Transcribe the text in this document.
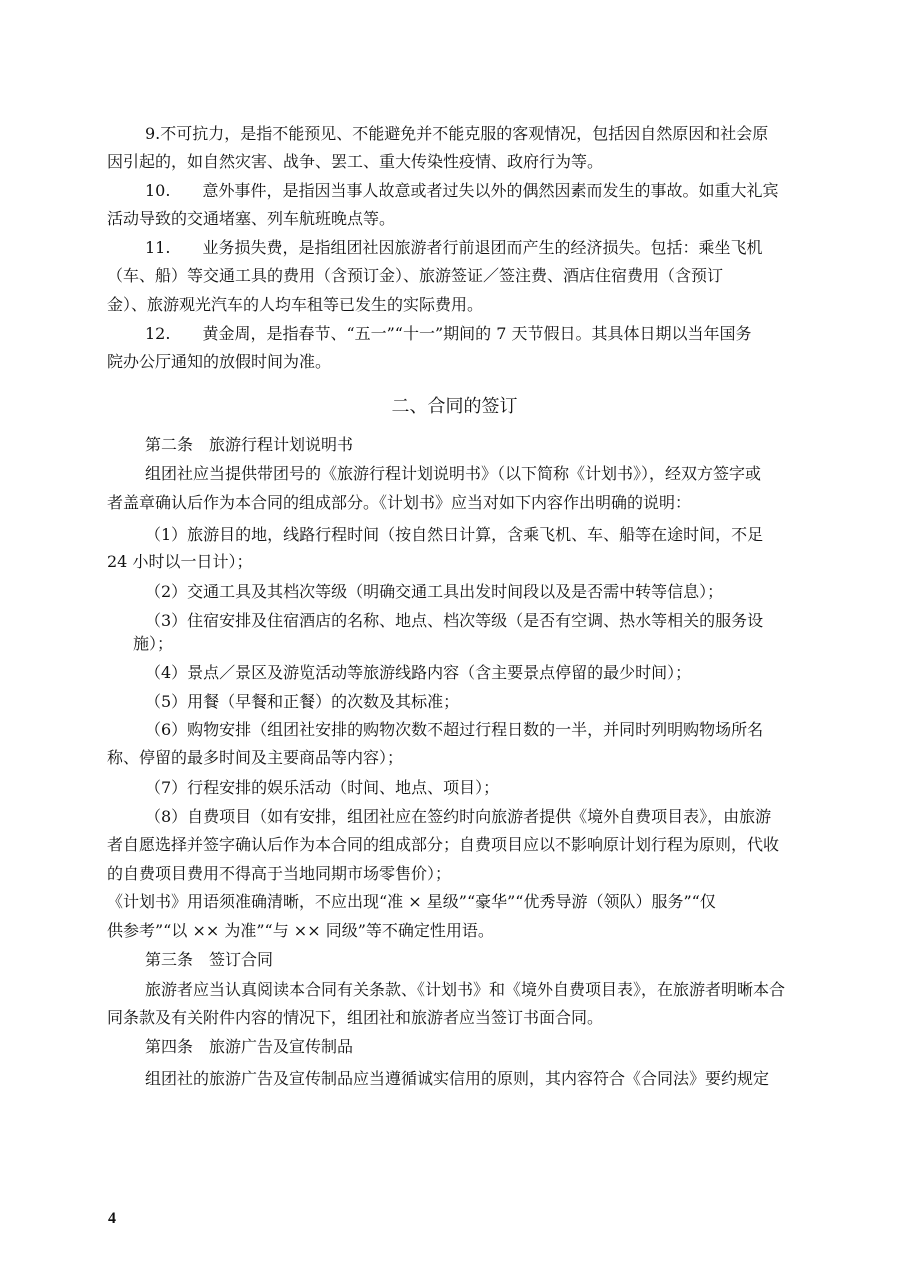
9.不可抗力，是指不能预见、不能避免并不能克服的客观情况，包括因自然原因和社会原
因引起的，如自然灾害、战争、罢工、重大传染性疫情、政府行为等。
10.　　意外事件，是指因当事人故意或者过失以外的偶然因素而发生的事故。如重大礼宾
活动导致的交通堵塞、列车航班晚点等。
11.　　业务损失费，是指组团社因旅游者行前退团而产生的经济损失。包括：乘坐飞机
（车、船）等交通工具的费用（含预订金）、旅游签证／签注费、酒店住宿费用（含预订
金）、旅游观光汽车的人均车租等已发生的实际费用。
12.　　黄金周，是指春节、“五一”“十一”期间的 7 天节假日。其具体日期以当年国务
院办公厅通知的放假时间为准。
二、合同的签订
第二条　旅游行程计划说明书
组团社应当提供带团号的《旅游行程计划说明书》（以下简称《计划书》），经双方签字或
者盖章确认后作为本合同的组成部分。《计划书》应当对如下内容作出明确的说明：
（1）旅游目的地，线路行程时间（按自然日计算，含乘飞机、车、船等在途时间，不足
24 小时以一日计）；
（2）交通工具及其档次等级（明确交通工具出发时间段以及是否需中转等信息）；
（3）住宿安排及住宿酒店的名称、地点、档次等级（是否有空调、热水等相关的服务设
施）；
（4）景点／景区及游览活动等旅游线路内容（含主要景点停留的最少时间）；
（5）用餐（早餐和正餐）的次数及其标准；
（6）购物安排（组团社安排的购物次数不超过行程日数的一半，并同时列明购物场所名
称、停留的最多时间及主要商品等内容）；
（7）行程安排的娱乐活动（时间、地点、项目）；
（8）自费项目（如有安排，组团社应在签约时向旅游者提供《境外自费项目表》，由旅游
者自愿选择并签字确认后作为本合同的组成部分；自费项目应以不影响原计划行程为原则，代收
的自费项目费用不得高于当地同期市场零售价）；
《计划书》用语须准确清晰，不应出现“准 × 星级”“豪华”“优秀导游（领队）服务”“仅
供参考”“以 ×× 为准”“与 ×× 同级”等不确定性用语。
第三条　签订合同
旅游者应当认真阅读本合同有关条款、《计划书》和《境外自费项目表》，在旅游者明晰本合
同条款及有关附件内容的情况下，组团社和旅游者应当签订书面合同。
第四条　旅游广告及宣传制品
组团社的旅游广告及宣传制品应当遵循诚实信用的原则，其内容符合《合同法》要约规定
4
